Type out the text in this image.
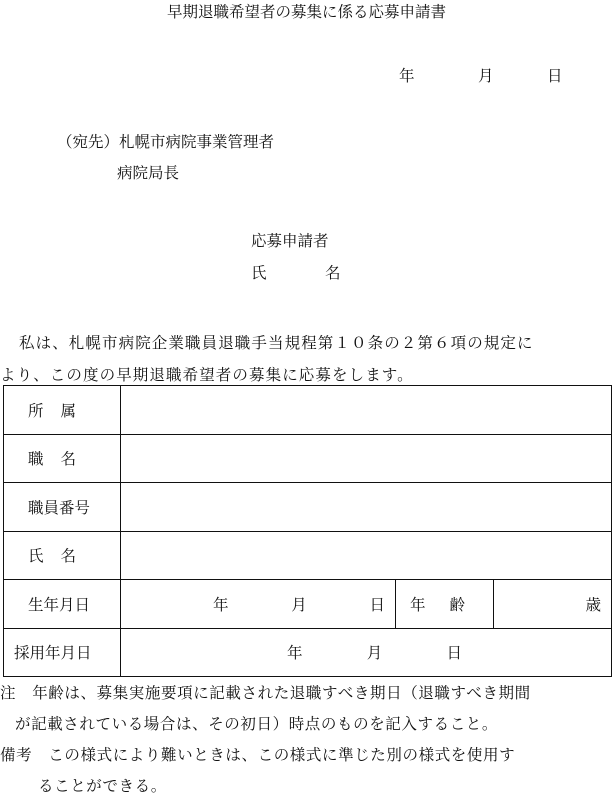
早期退職希望者の募集に係る応募申請書
年	月	日
（宛先）札幌市病院事業管理者
病院局長
応募申請者
氏	名
私は、札幌市病院企業職員退職手当規程第１０条の２第６項の規定に
より、この度の早期退職希望者の募集に応募をします。
所 属			

職 名			

職員番号			

氏 名			

生年月日	年 月 日	年 齢	歳
採用年月日	年 月 日		
注　年齢は、募集実施要項に記載された退職すべき期日（退職すべき期間
が記載されている場合は、その初日）時点のものを記入すること。
備考　この様式により難いときは、この様式に準じた別の様式を使用す
ることができる。
